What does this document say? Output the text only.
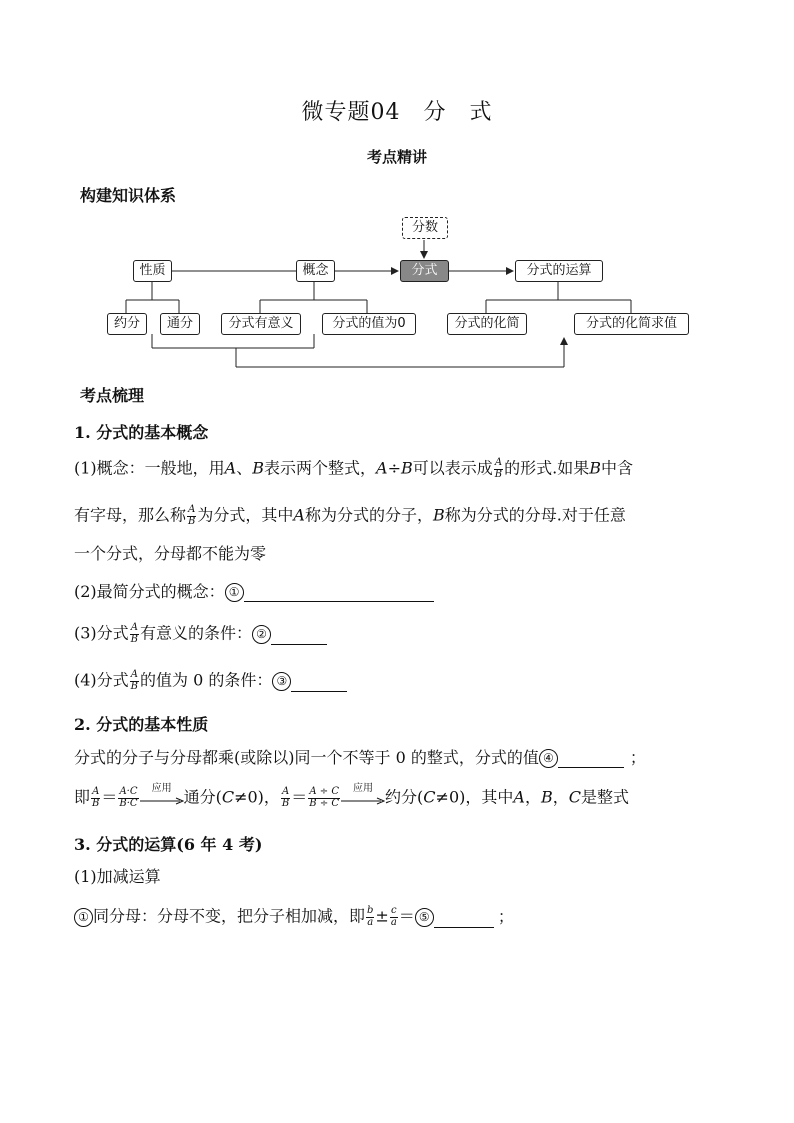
微专题04　分　式
考点精讲
构建知识体系
分数
性质	概念	分式	分式的运算
约分	通分	分式有意义	分式的值为0	分式的化简	分式的化简求值
考点梳理
1. 分式的基本概念
(1)概念：一般地，用A、B表示两个整式，A÷B可以表示成 $\frac{A}{B}$ 的形式.如果B中含
有字母，那么称 $\frac{A}{B}$ 为分式，其中A称为分式的分子，B称为分式的分母.对于任意
一个分式，分母都不能为零
(2)最简分式的概念： ①
(3)分式 $\frac{A}{B}$ 有意义的条件： ②
(4)分式 $\frac{A}{B}$ 的值为 0 的条件： ③
2. 分式的基本性质
分式的分子与分母都乘(或除以)同一个不等于 0 的整式，分式的值 ④	；
即 $\frac{A}{B} = \frac{A\cdot C}{B\cdot C}$	应用 通分(C≠0)， $\frac{A}{B} = \frac{A \div C}{B \div C}$	应用 约分(C≠0)，其中A，B，C是整式
3. 分式的运算(6 年 4 考)
(1)加减运算
① 同分母：分母不变，把分子相加减，即 $\frac{b}{a} \pm \frac{c}{a}$ ＝ ⑤	；
